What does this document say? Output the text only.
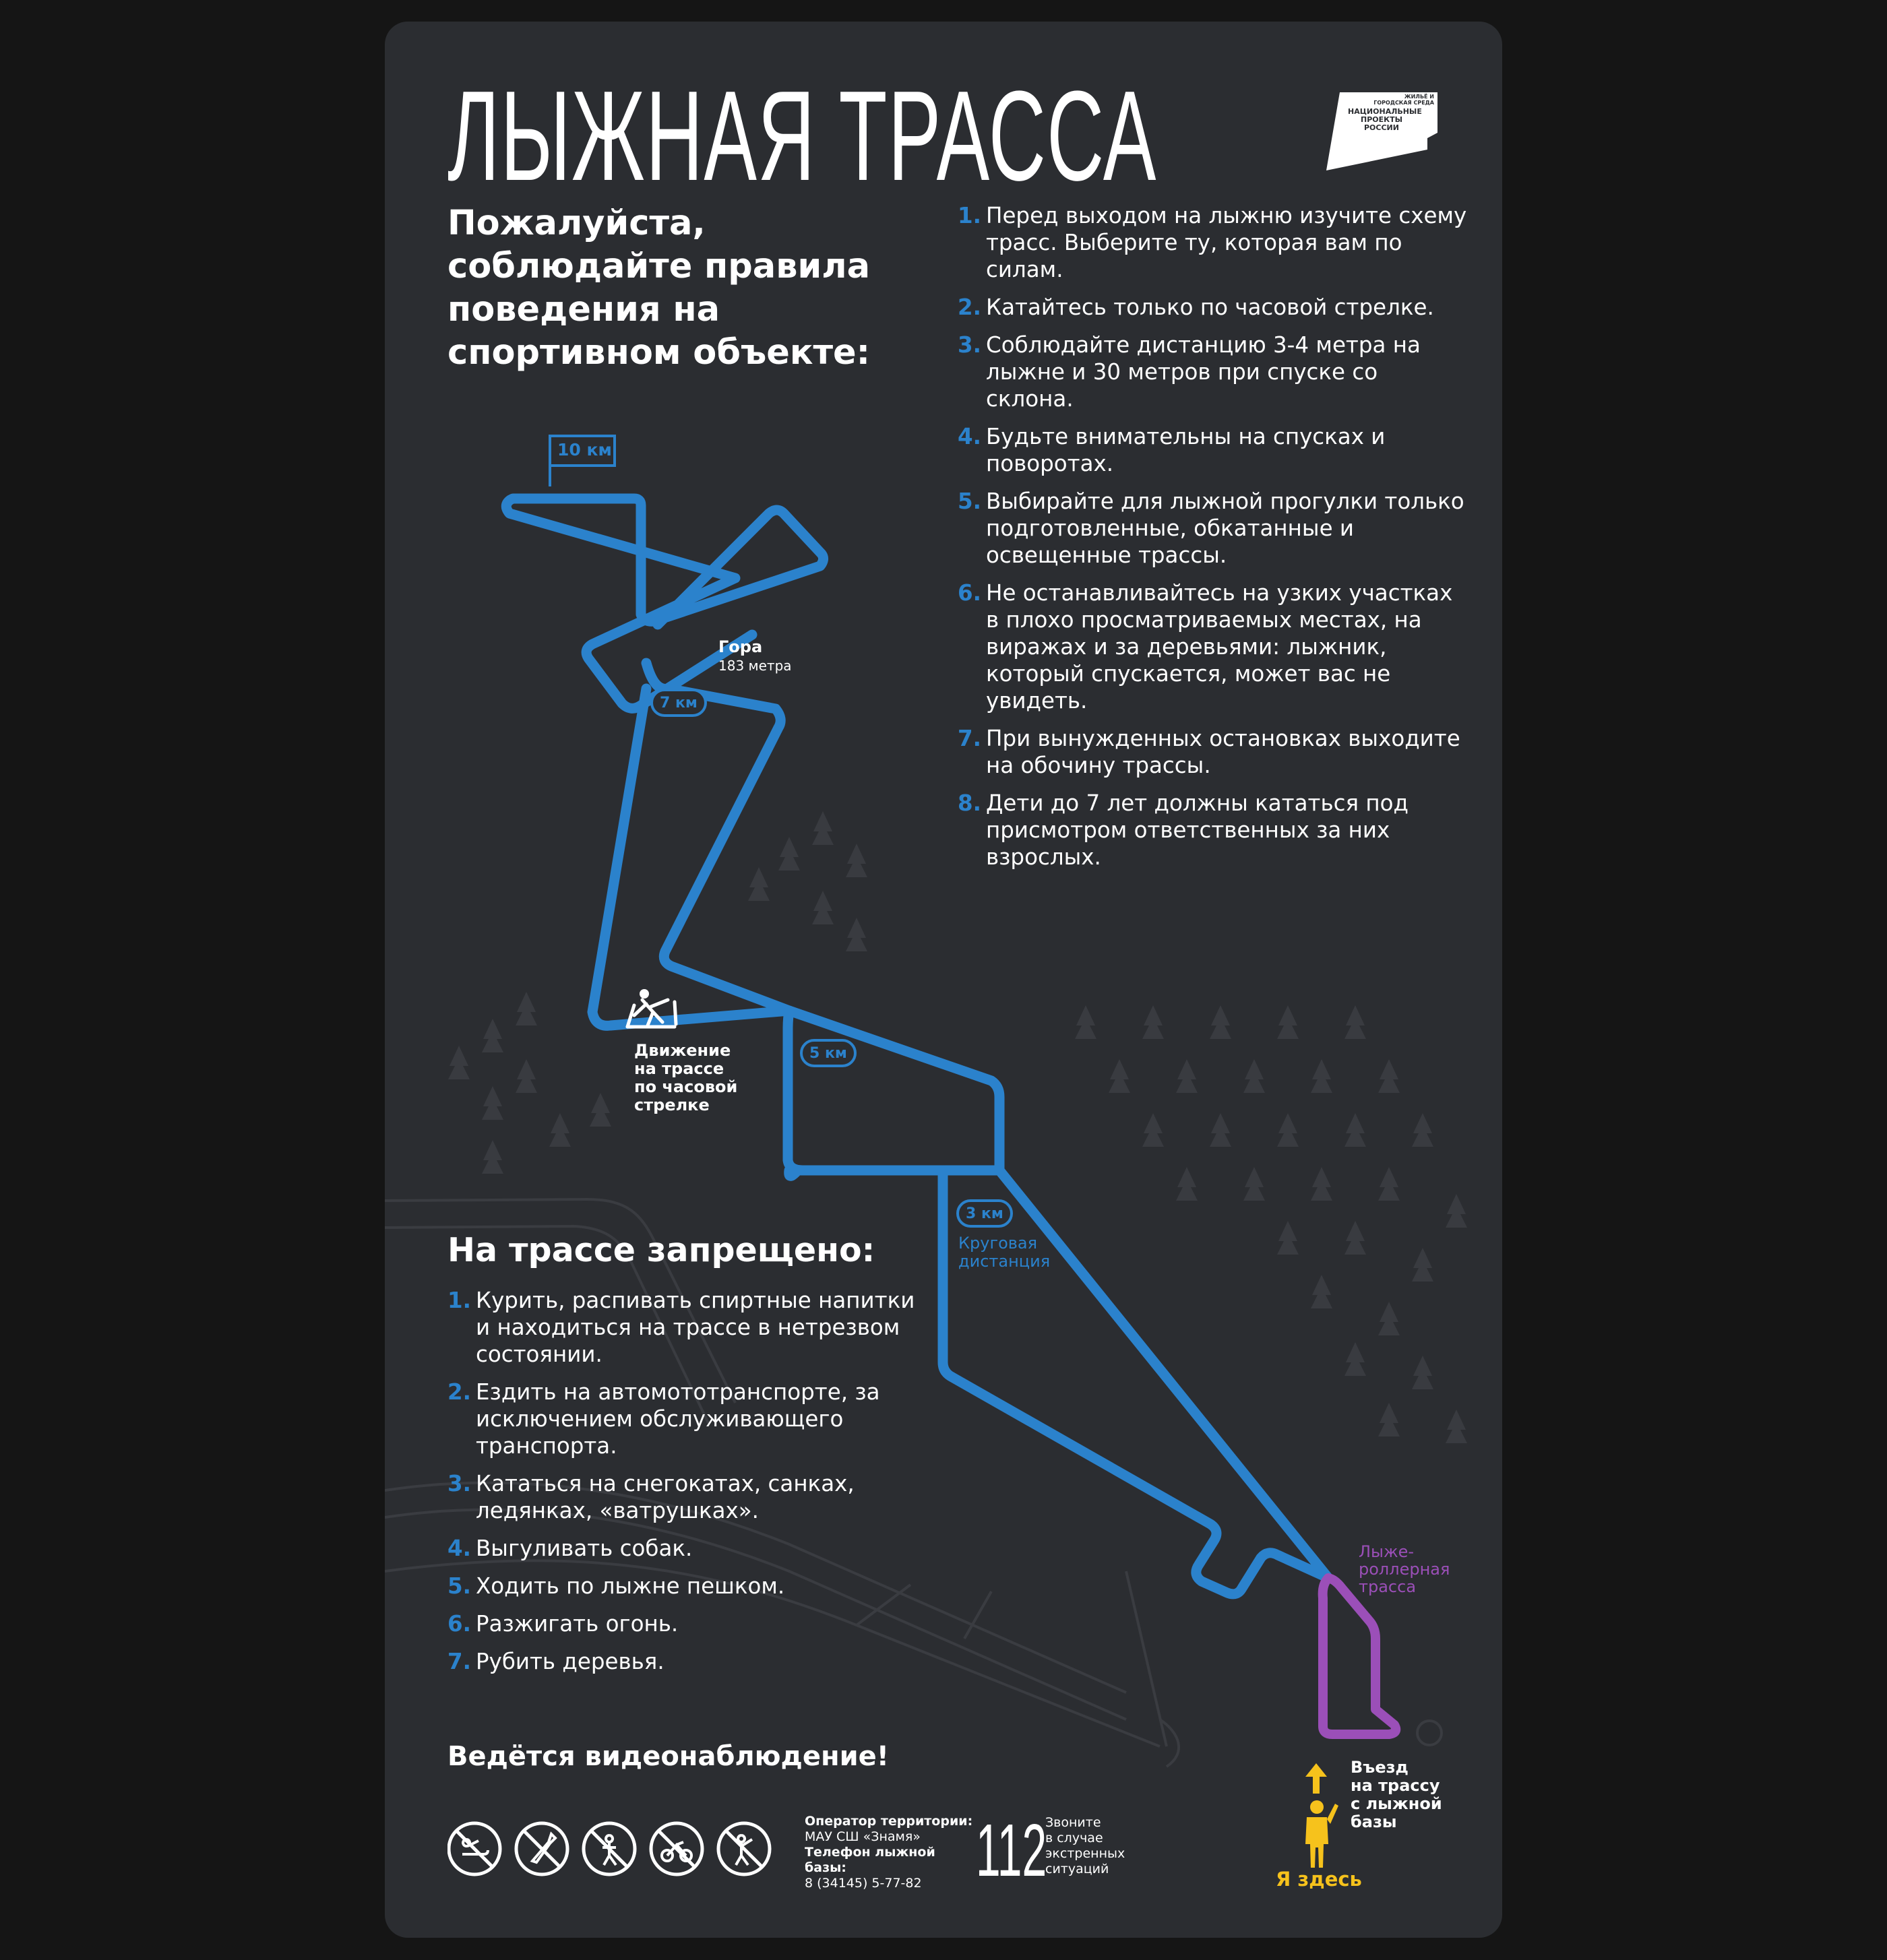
ЛЫЖНАЯ ТРАССА	ЖИЛЬЁ И ГОРОДСКАЯ СРЕДА
НАЦИОНАЛЬНЫЕ ПРОЕКТЫ РОССИИ
Пожалуйста, соблюдайте правила поведения на спортивном объекте:
1. Перед выходом на лыжню изучите схему трасс. Выберите ту, которая вам по силам.
2. Катайтесь только по часовой стрелке.
3. Соблюдайте дистанцию 3-4 метра на лыжне и 30 метров при спуске со склона.
4. Будьте внимательны на спусках и поворотах.
5. Выбирайте для лыжной прогулки только подготовленные, обкатанные и освещенные трассы.
6. Не останавливайтесь на узких участках в плохо просматриваемых местах, на виражах и за деревьями: лыжник, который спускается, может вас не увидеть.
7. При вынужденных остановках выходите на обочину трассы.
8. Дети до 7 лет должны кататься под присмотром ответственных за них взрослых.
10 км
7 км
5 км
3 км
Гора
183 метра
Движение
на трассе
по часовой
стрелке
Круговая
дистанция
Лыже-
роллерная
трасса
Въезд
на трассу
с лыжной
базы
Я здесь
На трассе запрещено:
1. Курить, распивать спиртные напитки и находиться на трассе в нетрезвом состоянии.
2. Ездить на автомототранспорте, за исключением обслуживающего транспорта.
3. Кататься на снегокатах, санках, ледянках, «ватрушках».
4. Выгуливать собак.
5. Ходить по лыжне пешком.
6. Разжигать огонь.
7. Рубить деревья.
Ведётся видеонаблюдение!
Оператор территории:
МАУ СШ «Знамя»
Телефон лыжной базы:
8 (34145) 5-77-82 112
Звоните
в случае
экстренных
ситуаций
